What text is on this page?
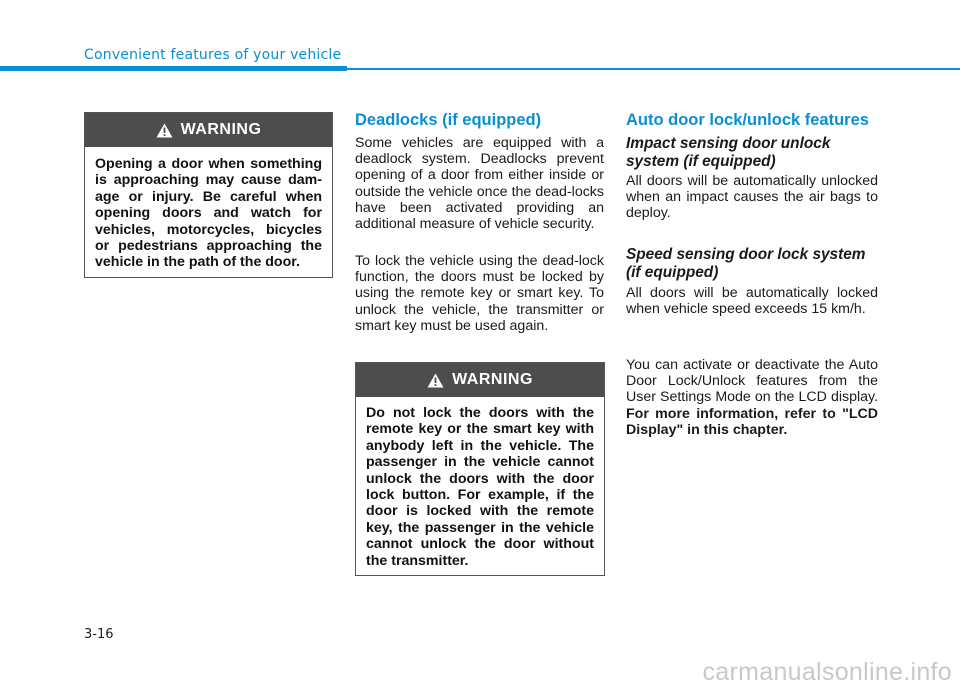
Convenient features of your vehicle
WARNING
Opening a door when something is approaching may cause dam-age or injury. Be careful when opening doors and watch for vehicles, motorcycles, bicycles or pedestrians approaching the vehicle in the path of the door.
Deadlocks (if equipped)
Some vehicles are equipped with a deadlock system. Deadlocks prevent opening of a door from either inside or outside the vehicle once the dead-locks have been activated providing an additional measure of vehicle security.
To lock the vehicle using the dead-lock function, the doors must be locked by using the remote key or smart key. To unlock the vehicle, the transmitter or smart key must be used again.
WARNING
Do not lock the doors with the remote key or the smart key with anybody left in the vehicle. The passenger in the vehicle cannot unlock the doors with the door lock button. For example, if the door is locked with the remote key, the passenger in the vehicle cannot unlock the door without the transmitter.
Auto door lock/unlock features
Impact sensing door unlock system (if equipped)
All doors will be automatically unlocked when an impact causes the air bags to deploy.
Speed sensing door lock system (if equipped)
All doors will be automatically locked when vehicle speed exceeds 15 km/h.
You can activate or deactivate the Auto Door Lock/Unlock features from the User Settings Mode on the LCD display. For more information, refer to "LCD Display" in this chapter.
3-16
carmanualsonline.info
